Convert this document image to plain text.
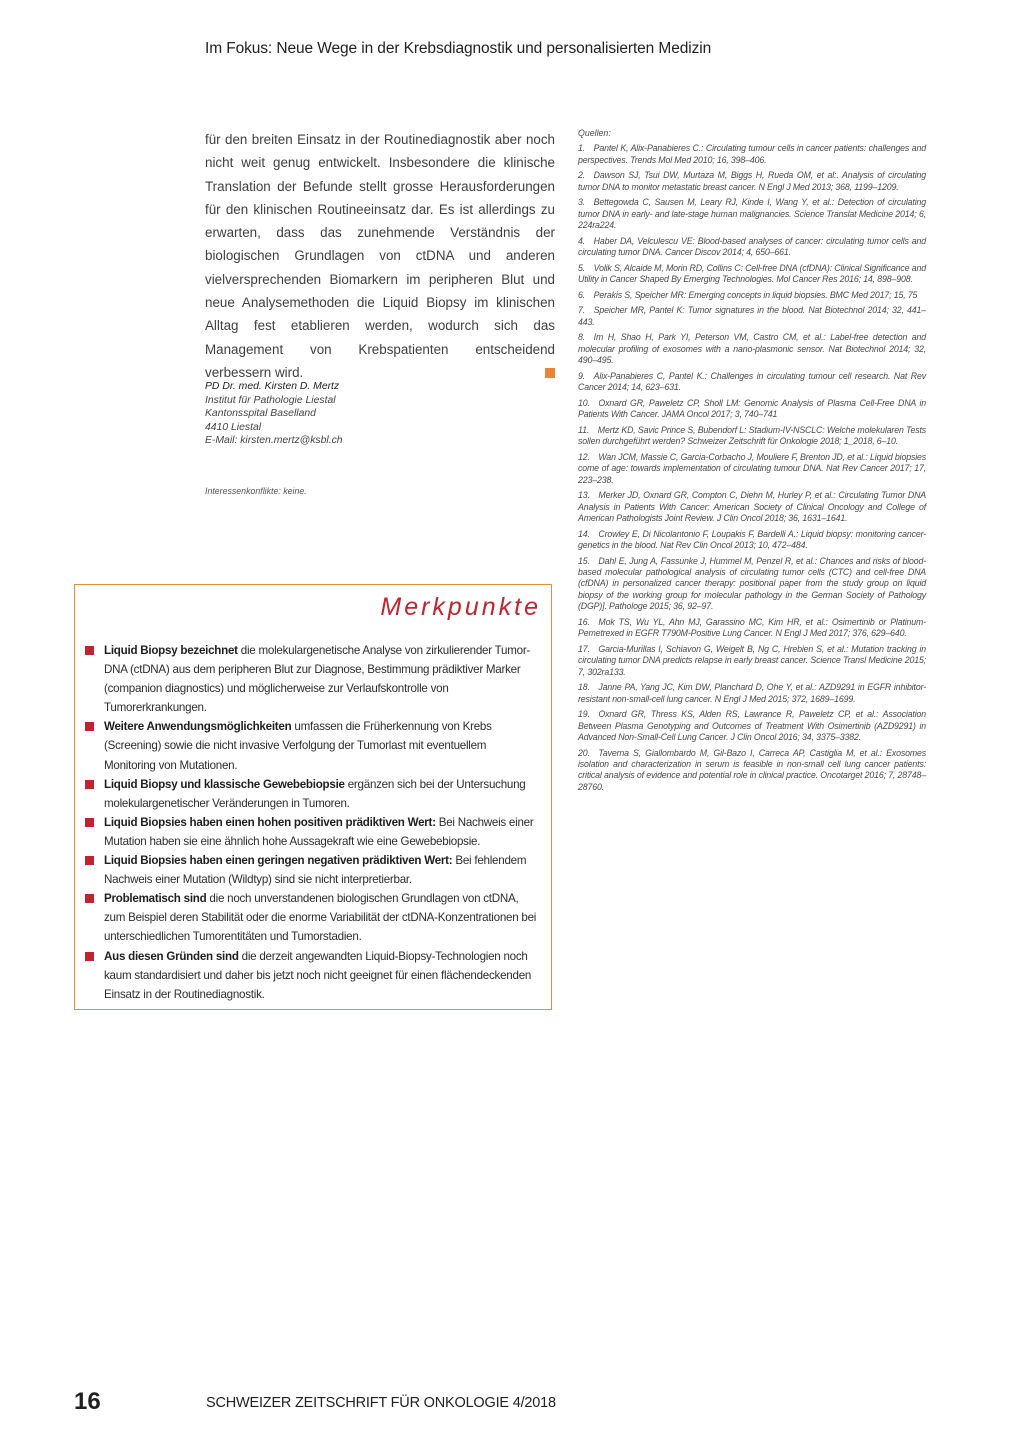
Im Fokus: Neue Wege in der Krebsdiagnostik und personalisierten Medizin
für den breiten Einsatz in der Routinediagnostik aber noch nicht weit genug entwickelt. Insbesondere die klinische Translation der Befunde stellt grosse Herausforderungen für den klinischen Routineeinsatz dar. Es ist allerdings zu erwarten, dass das zunehmende Verständnis der biologischen Grundlagen von ctDNA und anderen vielversprechenden Biomarkern im peripheren Blut und neue Analysemethoden die Liquid Biopsy im klinischen Alltag fest etablieren werden, wodurch sich das Management von Krebspatienten entscheidend verbessern wird.
PD Dr. med. Kirsten D. Mertz
Institut für Pathologie Liestal
Kantonsspital Baselland
4410 Liestal
E-Mail: kirsten.mertz@ksbl.ch
Interessenkonflikte: keine.
Merkpunkte
Liquid Biopsy bezeichnet die molekulargenetische Analyse von zirkulierender Tumor-DNA (ctDNA) aus dem peripheren Blut zur Diagnose, Bestimmung prädiktiver Marker (companion diagnostics) und möglicherweise zur Verlaufskontrolle von Tumorerkrankungen.
Weitere Anwendungsmöglichkeiten umfassen die Früherkennung von Krebs (Screening) sowie die nicht invasive Verfolgung der Tumorlast mit eventuellem Monitoring von Mutationen.
Liquid Biopsy und klassische Gewebebiopsie ergänzen sich bei der Untersuchung molekulargenetischer Veränderungen in Tumoren.
Liquid Biopsies haben einen hohen positiven prädiktiven Wert: Bei Nachweis einer Mutation haben sie eine ähnlich hohe Aussagekraft wie eine Gewebebiopsie.
Liquid Biopsies haben einen geringen negativen prädiktiven Wert: Bei fehlendem Nachweis einer Mutation (Wildtyp) sind sie nicht interpretierbar.
Problematisch sind die noch unverstandenen biologischen Grundlagen von ctDNA, zum Beispiel deren Stabilität oder die enorme Variabilität der ctDNA-Konzentrationen bei unterschiedlichen Tumorentitäten und Tumorstadien.
Aus diesen Gründen sind die derzeit angewandten Liquid-Biopsy-Technologien noch kaum standardisiert und daher bis jetzt noch nicht geeignet für einen flächendeckenden Einsatz in der Routinediagnostik.
Quellen:
1. Pantel K, Alix-Panabieres C.: Circulating tumour cells in cancer patients: challenges and perspectives. Trends Mol Med 2010; 16, 398–406.
2. Dawson SJ, Tsui DW, Murtaza M, Biggs H, Rueda OM, et al:. Analysis of circulating tumor DNA to monitor metastatic breast cancer. N Engl J Med 2013; 368, 1199–1209.
3. Bettegowda C, Sausen M, Leary RJ, Kinde I, Wang Y, et al.: Detection of circulating tumor DNA in early- and late-stage human malignancies. Science Translat Medicine 2014; 6, 224ra224.
4. Haber DA, Velculescu VE: Blood-based analyses of cancer: circulating tumor cells and circulating tumor DNA. Cancer Discov 2014; 4, 650–661.
5. Volik S, Alcaide M, Morin RD, Collins C: Cell-free DNA (cfDNA): Clinical Significance and Utility in Cancer Shaped By Emerging Technologies. Mol Cancer Res 2016; 14, 898–908.
6. Perakis S, Speicher MR: Emerging concepts in liquid biopsies. BMC Med 2017; 15, 75
7. Speicher MR, Pantel K: Tumor signatures in the blood. Nat Biotechnol 2014; 32, 441–443.
8. Im H, Shao H, Park YI, Peterson VM, Castro CM, et al.: Label-free detection and molecular profiling of exosomes with a nano-plasmonic sensor. Nat Biotechnol 2014; 32, 490–495.
9. Alix-Panabieres C, Pantel K.: Challenges in circulating tumour cell research. Nat Rev Cancer 2014; 14, 623–631.
10. Oxnard GR, Paweletz CP, Sholl LM: Genomic Analysis of Plasma Cell-Free DNA in Patients With Cancer. JAMA Oncol 2017; 3, 740–741
11. Mertz KD, Savic Prince S, Bubendorf L: Stadium-IV-NSCLC: Welche molekularen Tests sollen durchgeführt werden? Schweizer Zeitschrift für Onkologie 2018; 1_2018, 6–10.
12. Wan JCM, Massie C, Garcia-Corbacho J, Mouliere F, Brenton JD, et al.: Liquid biopsies come of age: towards implementation of circulating tumour DNA. Nat Rev Cancer 2017; 17, 223–238.
13. Merker JD, Oxnard GR, Compton C, Diehn M, Hurley P, et al.: Circulating Tumor DNA Analysis in Patients With Cancer: American Society of Clinical Oncology and College of American Pathologists Joint Review. J Clin Oncol 2018; 36, 1631–1641.
14. Crowley E, Di Nicolantonio F, Loupakis F, Bardelli A.: Liquid biopsy: monitoring cancer-genetics in the blood. Nat Rev Clin Oncol 2013; 10, 472–484.
15. Dahl E, Jung A, Fassunke J, Hummel M, Penzel R, et al.: Chances and risks of blood-based molecular pathological analysis of circulating tumor cells (CTC) and cell-free DNA (cfDNA) in personalized cancer therapy: positional paper from the study group on liquid biopsy of the working group for molecular pathology in the German Society of Pathology (DGP)]. Pathologe 2015; 36, 92–97.
16. Mok TS, Wu YL, Ahn MJ, Garassino MC, Kim HR, et al.: Osimertinib or Platinum-Pemetrexed in EGFR T790M-Positive Lung Cancer. N Engl J Med 2017; 376, 629–640.
17. Garcia-Murillas I, Schiavon G, Weigelt B, Ng C, Hrebien S, et al.: Mutation tracking in circulating tumor DNA predicts relapse in early breast cancer. Science Transl Medicine 2015; 7, 302ra133.
18. Janne PA, Yang JC, Kim DW, Planchard D, Ohe Y, et al.: AZD9291 in EGFR inhibitor-resistant non-small-cell lung cancer. N Engl J Med 2015; 372, 1689–1699.
19. Oxnard GR, Thress KS, Alden RS, Lawrance R, Paweletz CP, et al.: Association Between Plasma Genotyping and Outcomes of Treatment With Osimertinib (AZD9291) in Advanced Non-Small-Cell Lung Cancer. J Clin Oncol 2016; 34, 3375–3382.
20. Taverna S, Giallombardo M, Gil-Bazo I, Carreca AP, Castiglia M, et al.: Exosomes isolation and characterization in serum is feasible in non-small cell lung cancer patients: critical analysis of evidence and potential role in clinical practice. Oncotarget 2016; 7, 28748–28760.
16	SCHWEIZER ZEITSCHRIFT FÜR ONKOLOGIE 4/2018
